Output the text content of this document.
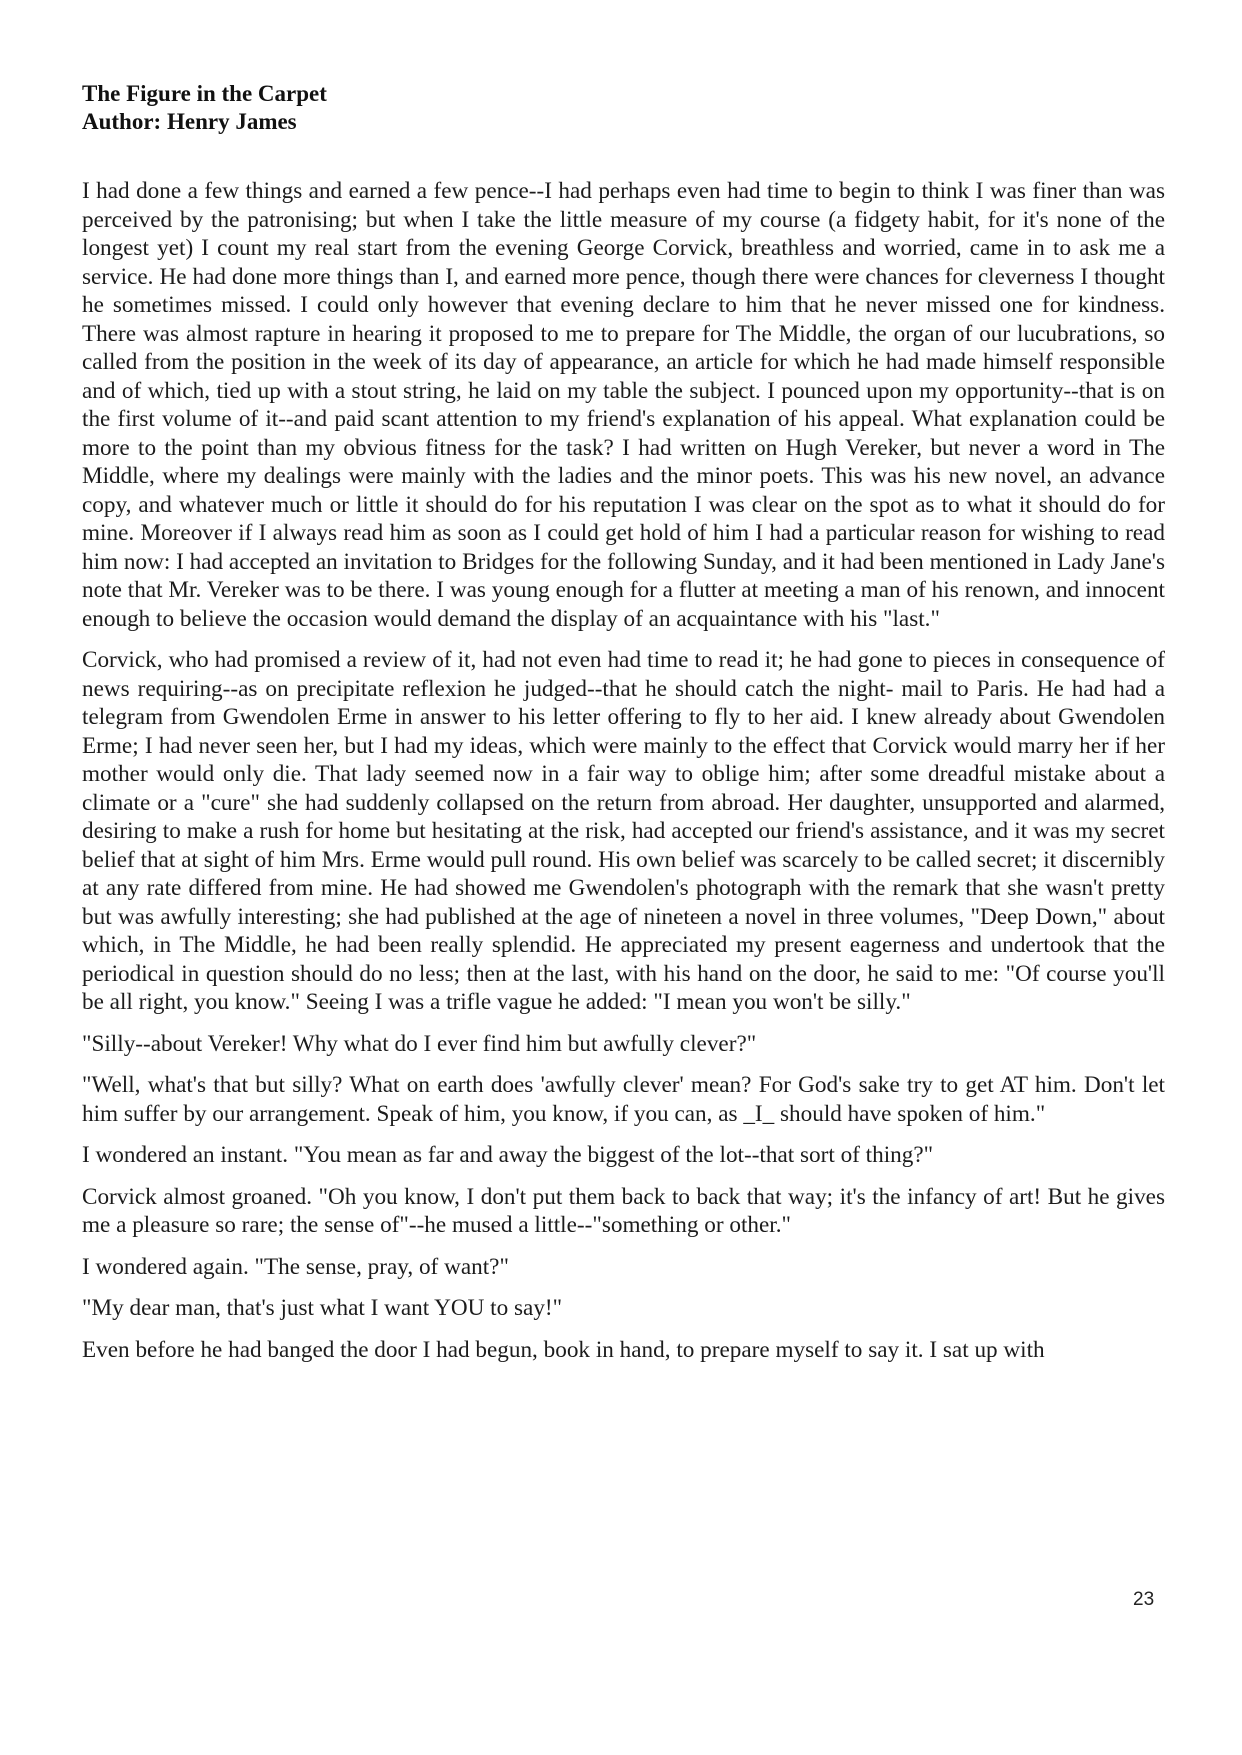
The Figure in the Carpet
Author: Henry James

I had done a few things and earned a few pence--I had perhaps even had time to begin to think I was finer than was perceived by the patronising; but when I take the little measure of my course (a fidgety habit, for it's none of the longest yet) I count my real start from the evening George Corvick, breathless and worried, came in to ask me a service. He had done more things than I, and earned more pence, though there were chances for cleverness I thought he sometimes missed. I could only however that evening declare to him that he never missed one for kindness. There was almost rapture in hearing it proposed to me to prepare for The Middle, the organ of our lucubrations, so called from the position in the week of its day of appearance, an article for which he had made himself responsible and of which, tied up with a stout string, he laid on my table the subject. I pounced upon my opportunity--that is on the first volume of it--and paid scant attention to my friend's explanation of his appeal. What explanation could be more to the point than my obvious fitness for the task? I had written on Hugh Vereker, but never a word in The Middle, where my dealings were mainly with the ladies and the minor poets. This was his new novel, an advance copy, and whatever much or little it should do for his reputation I was clear on the spot as to what it should do for mine. Moreover if I always read him as soon as I could get hold of him I had a particular reason for wishing to read him now: I had accepted an invitation to Bridges for the following Sunday, and it had been mentioned in Lady Jane's note that Mr. Vereker was to be there. I was young enough for a flutter at meeting a man of his renown, and innocent enough to believe the occasion would demand the display of an acquaintance with his "last."

Corvick, who had promised a review of it, had not even had time to read it; he had gone to pieces in consequence of news requiring--as on precipitate reflexion he judged--that he should catch the night- mail to Paris. He had had a telegram from Gwendolen Erme in answer to his letter offering to fly to her aid. I knew already about Gwendolen Erme; I had never seen her, but I had my ideas, which were mainly to the effect that Corvick would marry her if her mother would only die. That lady seemed now in a fair way to oblige him; after some dreadful mistake about a climate or a "cure" she had suddenly collapsed on the return from abroad. Her daughter, unsupported and alarmed, desiring to make a rush for home but hesitating at the risk, had accepted our friend's assistance, and it was my secret belief that at sight of him Mrs. Erme would pull round. His own belief was scarcely to be called secret; it discernibly at any rate differed from mine. He had showed me Gwendolen's photograph with the remark that she wasn't pretty but was awfully interesting; she had published at the age of nineteen a novel in three volumes, "Deep Down," about which, in The Middle, he had been really splendid. He appreciated my present eagerness and undertook that the periodical in question should do no less; then at the last, with his hand on the door, he said to me: "Of course you'll be all right, you know." Seeing I was a trifle vague he added: "I mean you won't be silly."

"Silly--about Vereker! Why what do I ever find him but awfully clever?"

"Well, what's that but silly? What on earth does 'awfully clever' mean? For God's sake try to get AT him. Don't let him suffer by our arrangement. Speak of him, you know, if you can, as _I_ should have spoken of him."

I wondered an instant. "You mean as far and away the biggest of the lot--that sort of thing?"

Corvick almost groaned. "Oh you know, I don't put them back to back that way; it's the infancy of art! But he gives me a pleasure so rare; the sense of"--he mused a little--"something or other."

I wondered again. "The sense, pray, of want?"

"My dear man, that's just what I want YOU to say!"

Even before he had banged the door I had begun, book in hand, to prepare myself to say it. I sat up with

23
